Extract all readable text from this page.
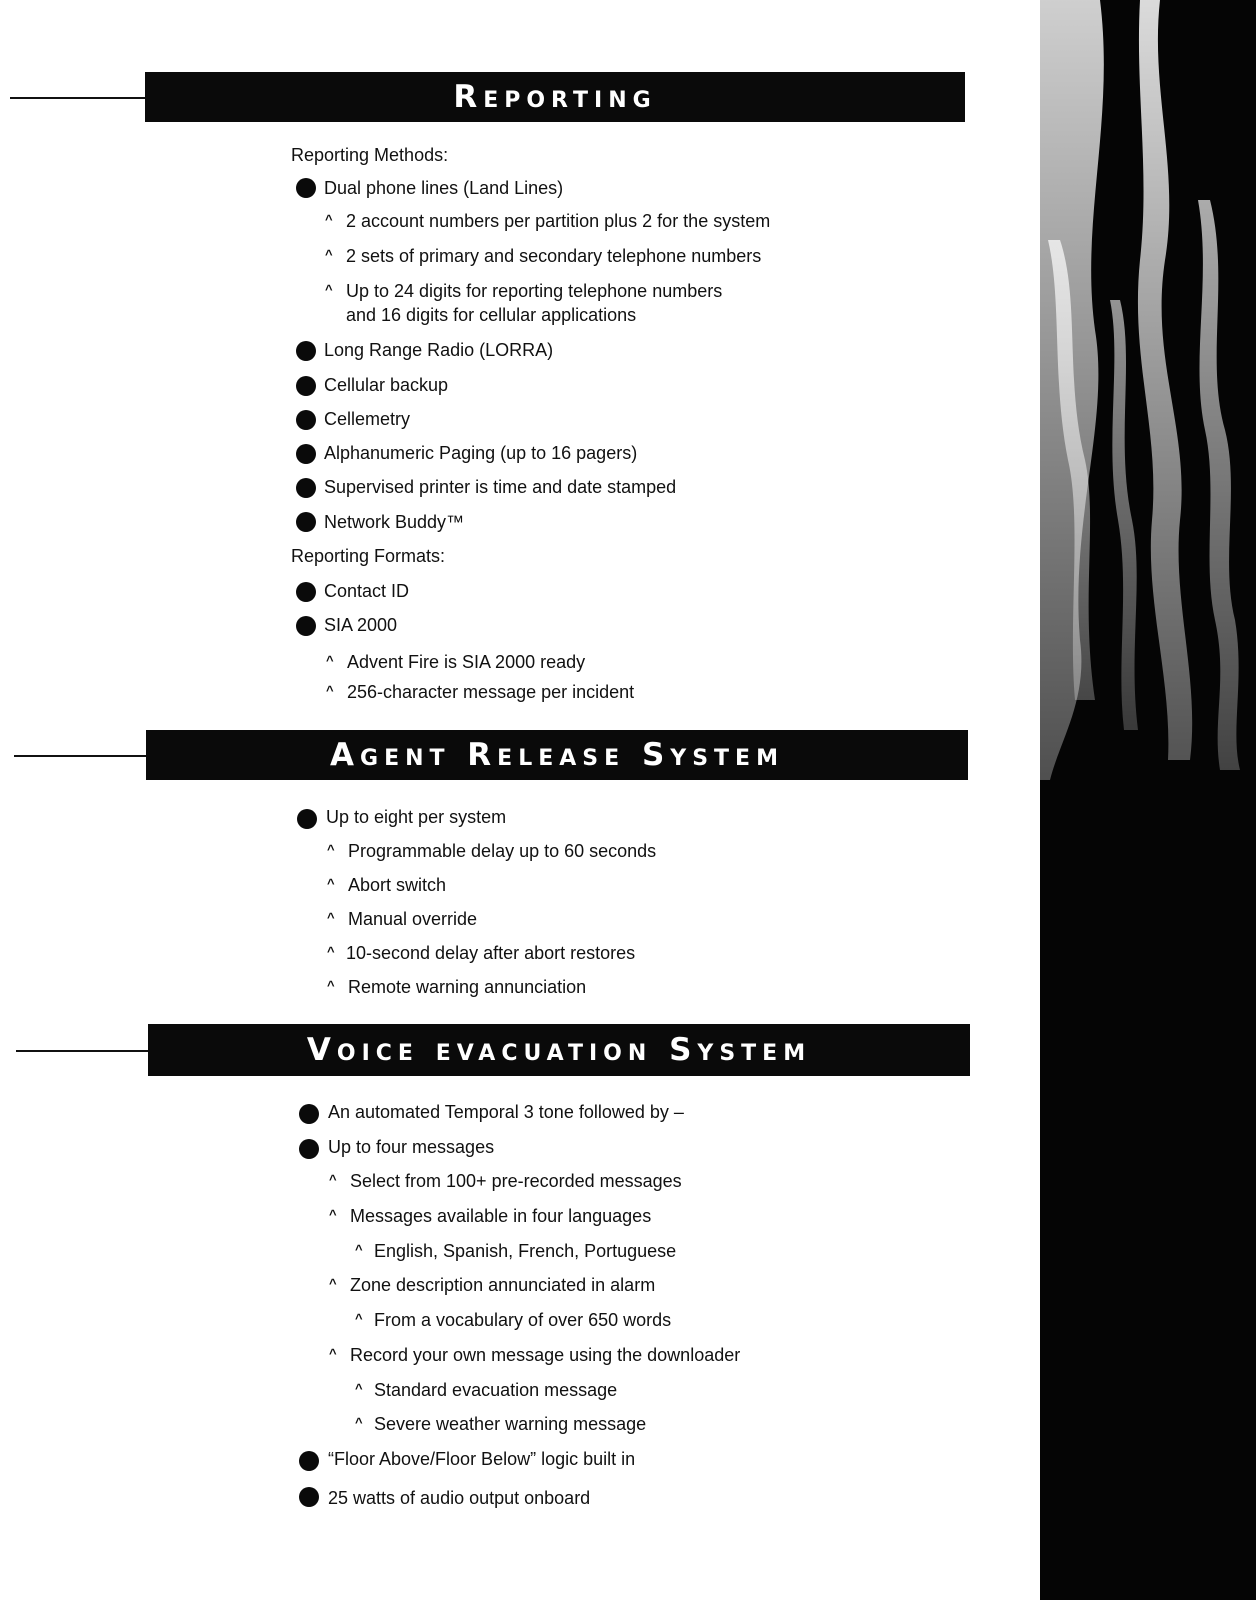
Reporting
Reporting Methods:
Dual phone lines (Land Lines)
^ 2 account numbers per partition plus 2 for the system
^ 2 sets of primary and secondary telephone numbers
^ Up to 24 digits for reporting telephone numbers
and 16 digits for cellular applications
Long Range Radio (LORRA)
Cellular backup
Cellemetry
Alphanumeric Paging (up to 16 pagers)
Supervised printer is time and date stamped
Network Buddy™
Reporting Formats:
Contact ID
SIA 2000
^ Advent Fire is SIA 2000 ready
^ 256-character message per incident
Agent Release System
Up to eight per system
^ Programmable delay up to 60 seconds
^ Abort switch
^ Manual override
^ 10-second delay after abort restores
^ Remote warning annunciation
Voice evacuation System
An automated Temporal 3 tone followed by –
Up to four messages
^ Select from 100+ pre-recorded messages
^ Messages available in four languages
^ English, Spanish, French, Portuguese
^ Zone description annunciated in alarm
^ From a vocabulary of over 650 words
^ Record your own message using the downloader
^ Standard evacuation message
^ Severe weather warning message
“Floor Above/Floor Below” logic built in
25 watts of audio output onboard
